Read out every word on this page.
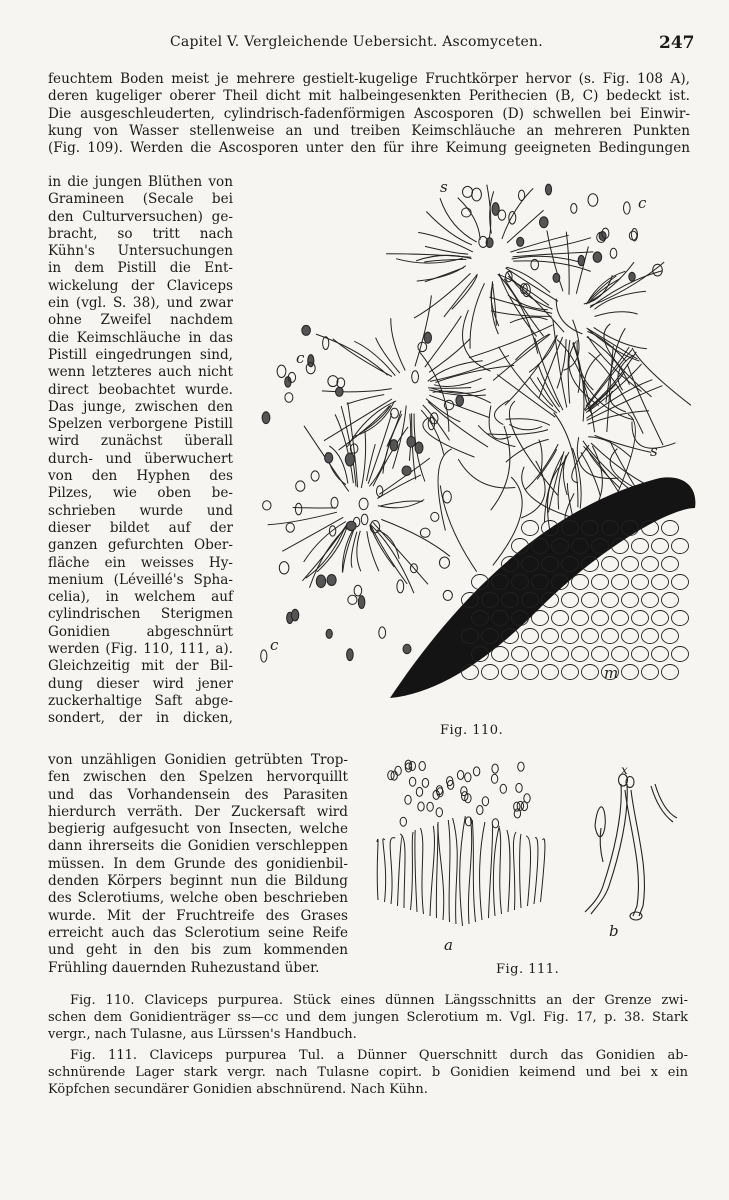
Capitel V. Vergleichende Uebersicht. Ascomyceten.	247
feuchtem Boden meist je mehrere gestielt-kugelige Fruchtkörper hervor (s. Fig. 108 A),
deren kugeliger oberer Theil dicht mit halbeingesenkten Perithecien (B, C) bedeckt ist.
Die ausgeschleuderten, cylindrisch-fadenförmigen Ascosporen (D) schwellen bei Einwir-
kung von Wasser stellenweise an und treiben Keimschläuche an mehreren Punkten
(Fig. 109). Werden die Ascosporen unter den für ihre Keimung geeigneten Bedingungen
in die jungen Blüthen von
Gramineen (Secale bei
den Culturversuchen) ge-
bracht, so tritt nach
Kühn's Untersuchungen
in dem Pistill die Ent-
wickelung der Claviceps
ein (vgl. S. 38), und zwar
ohne Zweifel nachdem
die Keimschläuche in das
Pistill eingedrungen sind,
wenn letzteres auch nicht
direct beobachtet wurde.
Das junge, zwischen den
Spelzen verborgene Pistill
wird zunächst überall
durch- und überwuchert
von den Hyphen des
Pilzes, wie oben be-
schrieben wurde und
dieser bildet auf der
ganzen gefurchten Ober-
fläche ein weisses Hy-
menium (Léveillé's Spha-
celia), in welchem auf
cylindrischen Sterigmen
Gonidien abgeschnürt
werden (Fig. 110, 111, a).
Gleichzeitig mit der Bil-
dung dieser wird jener
zuckerhaltige Saft abge-
sondert, der in dicken,
von unzähligen Gonidien getrübten Trop-
fen zwischen den Spelzen hervorquillt
und das Vorhandensein des Parasiten
hierdurch verräth. Der Zuckersaft wird
begierig aufgesucht von Insecten, welche
dann ihrerseits die Gonidien verschleppen
müssen. In dem Grunde des gonidienbil-
denden Körpers beginnt nun die Bildung
des Sclerotiums, welche oben beschrieben
wurde. Mit der Fruchtreife des Grases
erreicht auch das Sclerotium seine Reife
und geht in den bis zum kommenden
Frühling dauernden Ruhezustand über.
s
c
c
s
c
m
Fig. 110.
a
x
b
Fig. 111.
Fig. 110. Claviceps purpurea. Stück eines dünnen Längsschnitts an der Grenze zwi-
schen dem Gonidienträger ss—cc und dem jungen Sclerotium m. Vgl. Fig. 17, p. 38. Stark
vergr., nach Tulasne, aus Lürssen's Handbuch.
Fig. 111. Claviceps purpurea Tul. a Dünner Querschnitt durch das Gonidien ab-
schnürende Lager stark vergr. nach Tulasne copirt. b Gonidien keimend und bei x ein
Köpfchen secundärer Gonidien abschnürend. Nach Kühn.
